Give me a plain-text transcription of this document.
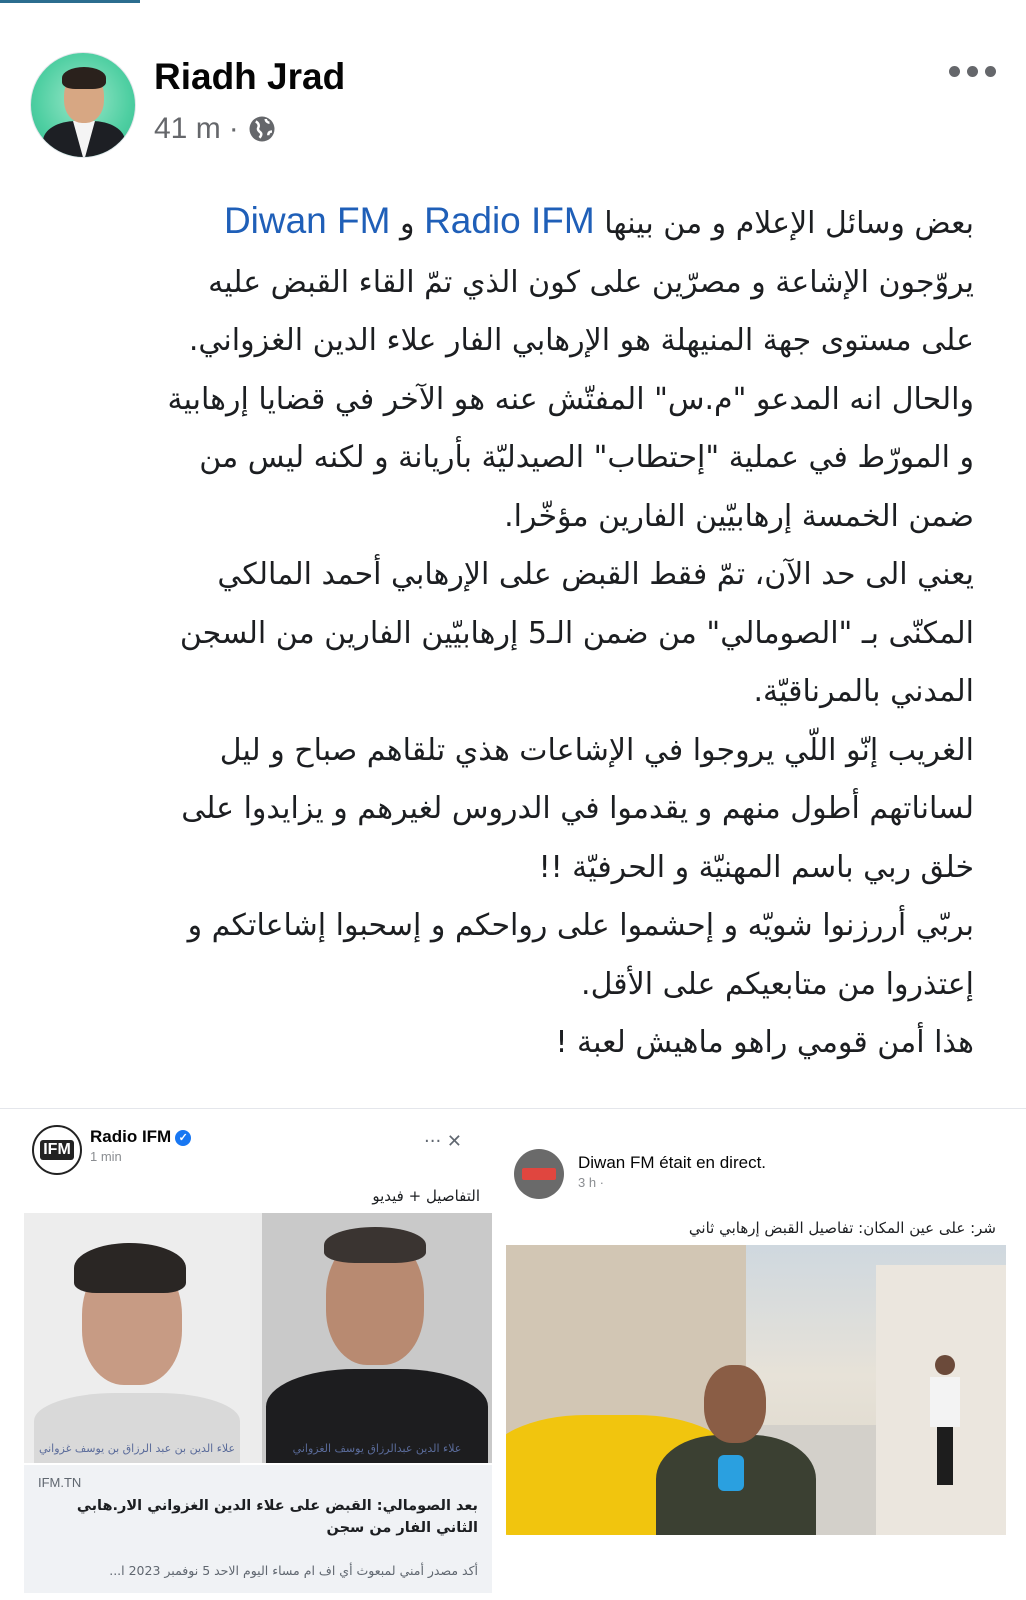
Riadh Jrad
41 m ·

بعض وسائل الإعلام و من بينها Radio IFM و Diwan FM

يروّجون الإشاعة و مصرّين على كون الذي تمّ القاء القبض عليه

على مستوى جهة المنيهلة هو الإرهابي الفار علاء الدين الغزواني.

والحال انه المدعو "م.س" المفتّش عنه هو الآخر في قضايا إرهابية

و المورّط في عملية "إحتطاب" الصيدليّة بأريانة و لكنه ليس من

ضمن الخمسة إرهابيّين الفارين مؤخّرا.

يعني الى حد الآن، تمّ فقط القبض على الإرهابي أحمد المالكي

المكنّى بـ "الصومالي" من ضمن الـ5 إرهابيّين الفارين من السجن

المدني بالمرناقيّة.

الغريب إنّو اللّي يروجوا في الإشاعات هذي تلقاهم صباح و ليل

لساناتهم أطول منهم و يقدموا في الدروس لغيرهم و يزايدوا على

خلق ربي باسم المهنيّة و الحرفيّة !!

بربّي أررزنوا شويّه و إحشموا على رواحكم و إسحبوا إشاعاتكم و

إعتذروا من متابعيكم على الأقل.

هذا أمن قومي راهو ماهيش لعبة !

IFM
Radio IFM ✓
1 min
··· ✕
التفاصيل + فيديو
علاء الدين بن عبد الرزاق بن يوسف غزواني	علاء الدين عبدالرزاق يوسف الغزواني
IFM.TN
بعد الصومالي: القبض على علاء الدين الغزواني الار.هابي الثاني الفار من سجن
أكد مصدر أمني لمبعوث أي اف ام مساء اليوم الاحد 5 نوفمبر 2023 ا...
Diwan FM était en direct.
3 h ·
شر: على عين المكان: تفاصيل القبض إرهابي ثاني
